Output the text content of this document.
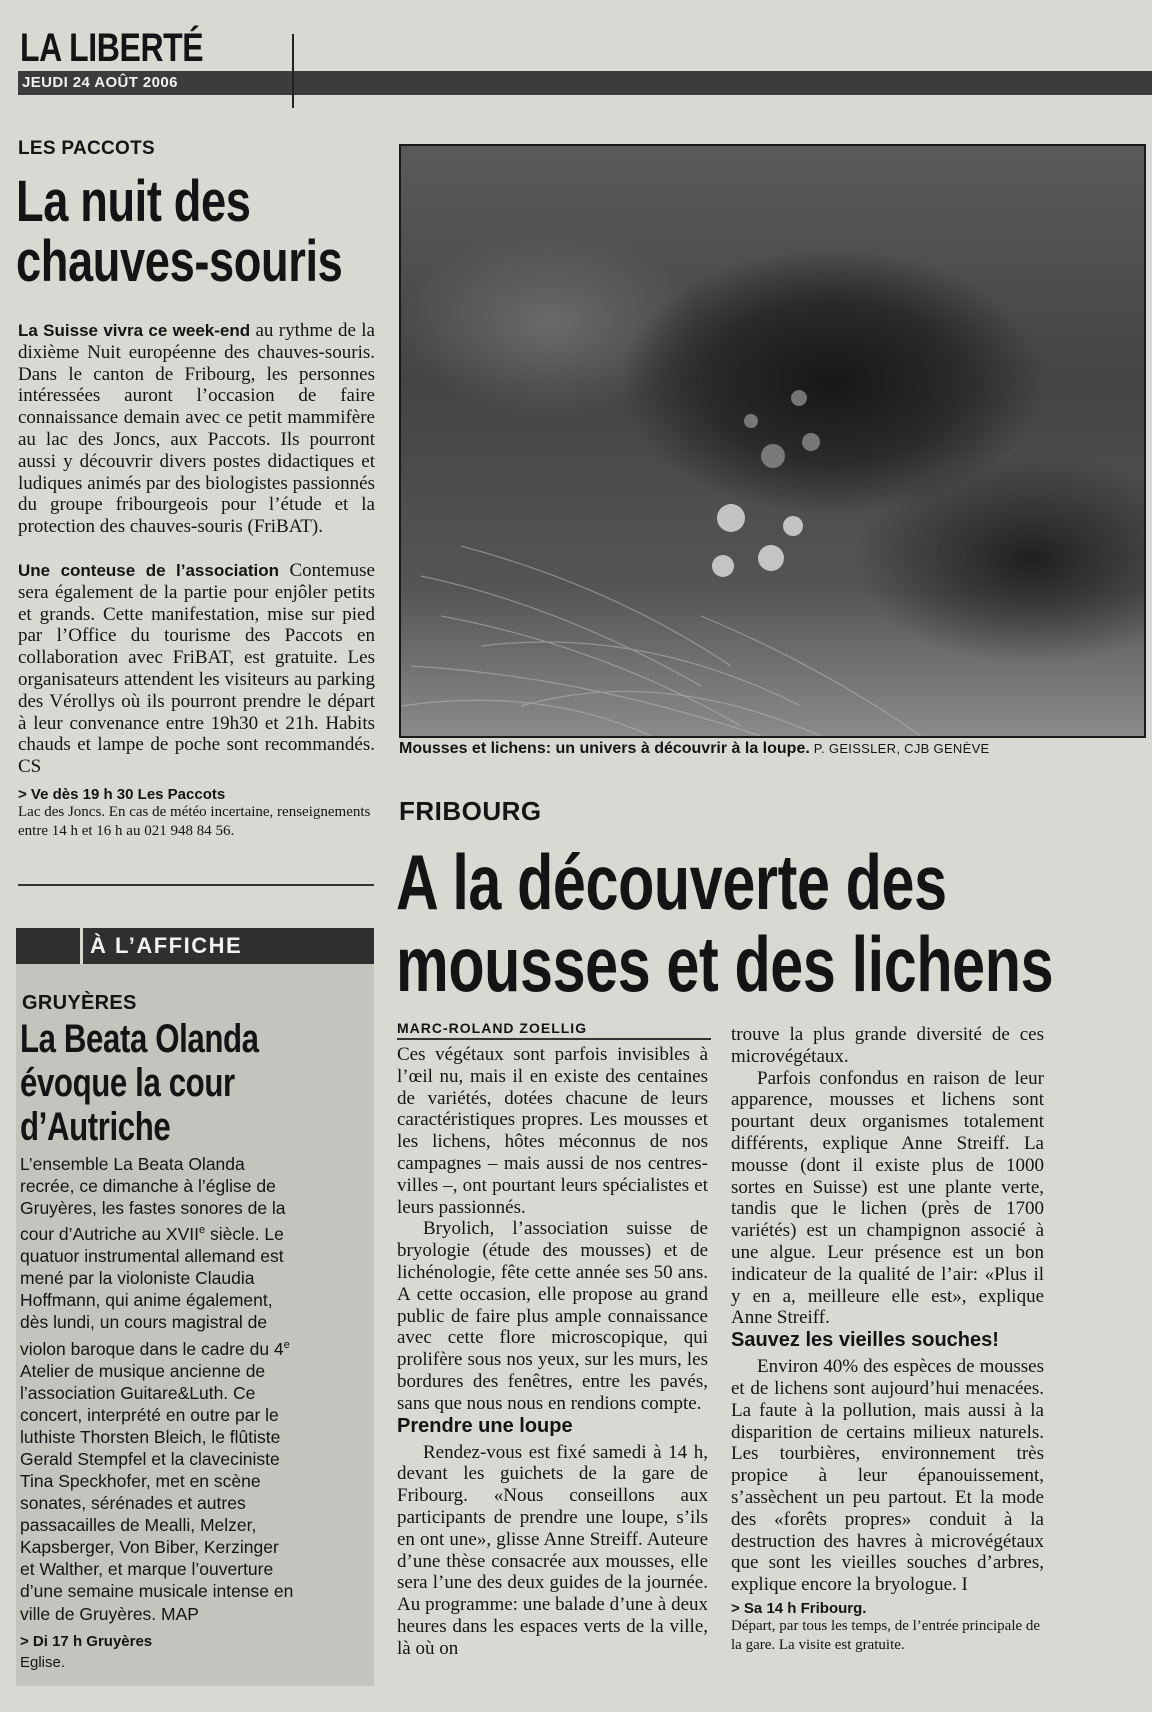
LA LIBERTÉ
JEUDI 24 AOÛT 2006
LES PACCOTS
La nuit des
chauves-souris

La Suisse vivra ce week-end au rythme de la dixième Nuit européenne des chauves-souris. Dans le canton de Fribourg, les personnes intéressées auront l’occasion de faire connaissance demain avec ce petit mammifère au lac des Joncs, aux Paccots. Ils pourront aussi y découvrir divers postes didactiques et ludiques animés par des biologistes passionnés du groupe fribourgeois pour l’étude et la protection des chauves-souris (FriBAT).

Une conteuse de l’association Contemuse sera également de la partie pour enjôler petits et grands. Cette manifestation, mise sur pied par l’Office du tourisme des Paccots en collaboration avec FriBAT, est gratuite. Les organisateurs attendent les visiteurs au parking des Vérollys où ils pourront prendre le départ à leur convenance entre 19h30 et 21h. Habits chauds et lampe de poche sont recommandés. CS

> Ve dès 19 h 30 Les Paccots

Lac des Joncs. En cas de météo incertaine, renseignements entre 14 h et 16 h au 021 948 84 56.

À L’AFFICHE
GRUYÈRES
La Beata Olanda
évoque la cour
d’Autriche

L’ensemble La Beata Olanda recrée, ce dimanche à l’église de Gruyères, les fastes sonores de la cour d’Autriche au XVIIe siècle. Le quatuor instrumental allemand est mené par la violoniste Claudia Hoffmann, qui anime également, dès lundi, un cours magistral de violon baroque dans le cadre du 4e Atelier de musique ancienne de l’association Guitare&Luth. Ce concert, interprété en outre par le luthiste Thorsten Bleich, le flûtiste Gerald Stempfel et la claveciniste Tina Speckhofer, met en scène sonates, sérénades et autres passacailles de Mealli, Melzer, Kapsberger, Von Biber, Kerzinger et Walther, et marque l’ouverture d’une semaine musicale intense en ville de Gruyères. MAP

> Di 17 h Gruyères

Eglise.

Mousses et lichens: un univers à découvrir à la loupe. P. GEISSLER, CJB GENÈVE
FRIBOURG
A la découverte des
mousses et des lichens
MARC-ROLAND ZOELLIG

Ces végétaux sont parfois invisibles à l’œil nu, mais il en existe des centaines de variétés, dotées chacune de leurs caractéristiques propres. Les mousses et les lichens, hôtes méconnus de nos campagnes – mais aussi de nos centres-villes –, ont pourtant leurs spécialistes et leurs passionnés.

Bryolich, l’association suisse de bryologie (étude des mousses) et de lichénologie, fête cette année ses 50 ans. A cette occasion, elle propose au grand public de faire plus ample connaissance avec cette flore microscopique, qui prolifère sous nos yeux, sur les murs, les bordures des fenêtres, entre les pavés, sans que nous nous en rendions compte.

Prendre une loupe

Rendez-vous est fixé samedi à 14 h, devant les guichets de la gare de Fribourg. «Nous conseillons aux participants de prendre une loupe, s’ils en ont une», glisse Anne Streiff. Auteure d’une thèse consacrée aux mousses, elle sera l’une des deux guides de la journée. Au programme: une balade d’une à deux heures dans les espaces verts de la ville, là où on

trouve la plus grande diversité de ces microvégétaux.

Parfois confondus en raison de leur apparence, mousses et lichens sont pourtant deux organismes totalement différents, explique Anne Streiff. La mousse (dont il existe plus de 1000 sortes en Suisse) est une plante verte, tandis que le lichen (près de 1700 variétés) est un champignon associé à une algue. Leur présence est un bon indicateur de la qualité de l’air: «Plus il y en a, meilleure elle est», explique Anne Streiff.

Sauvez les vieilles souches!

Environ 40% des espèces de mousses et de lichens sont aujourd’hui menacées. La faute à la pollution, mais aussi à la disparition de certains milieux naturels. Les tourbières, environnement très propice à leur épanouissement, s’assèchent un peu partout. Et la mode des «forêts propres» conduit à la destruction des havres à microvégétaux que sont les vieilles souches d’arbres, explique encore la bryologue. I

> Sa 14 h Fribourg.

Départ, par tous les temps, de l’entrée principale de la gare. La visite est gratuite.
